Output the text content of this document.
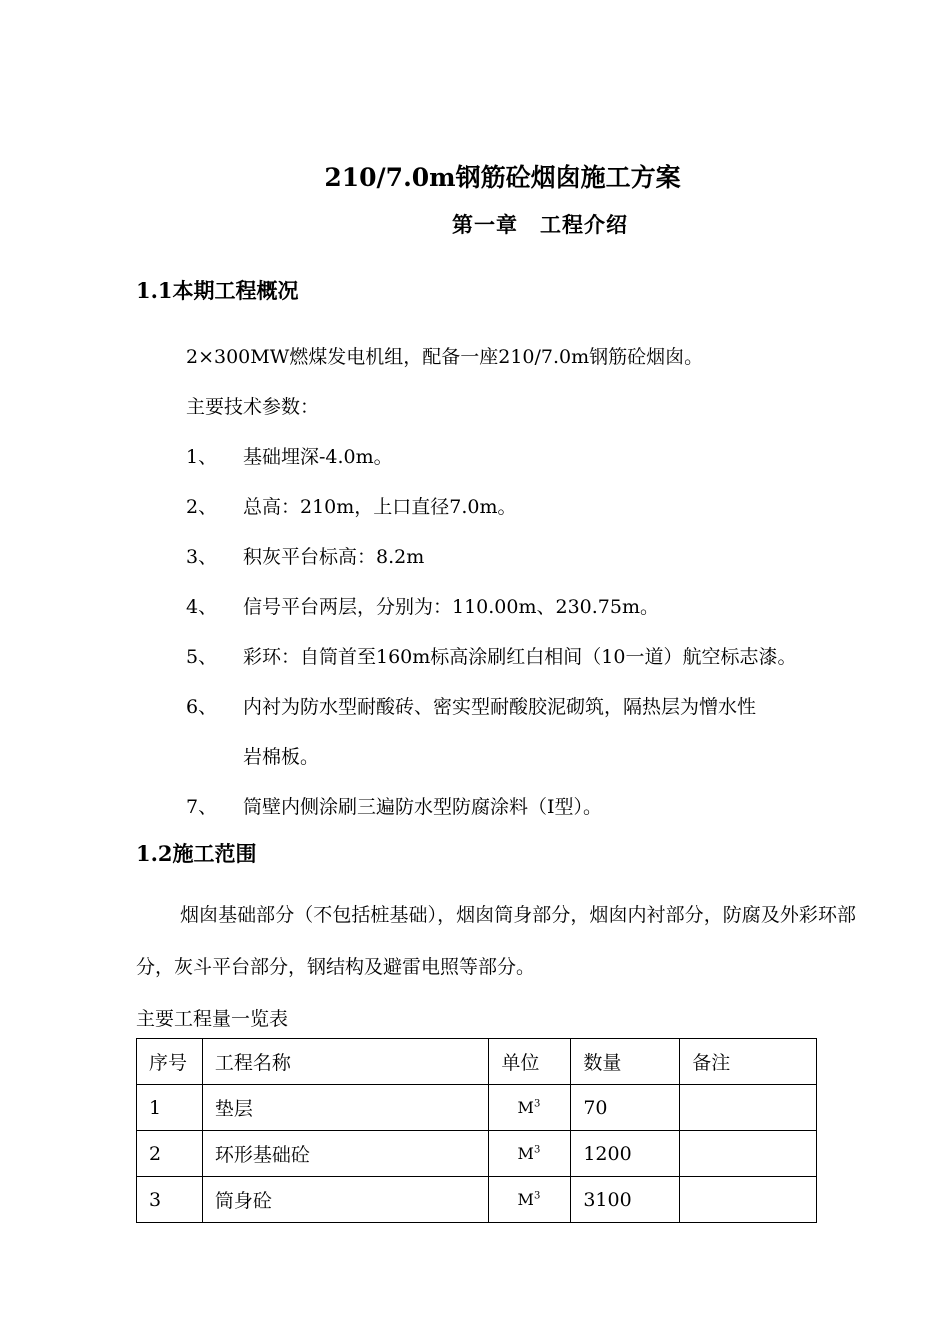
210/7.0m钢筋砼烟囱施工方案
第一章　工程介绍
1.1本期工程概况
2×300MW燃煤发电机组，配备一座210/7.0m钢筋砼烟囱。
主要技术参数：
1、 基础埋深-4.0m。
2、 总高：210m，上口直径7.0m。
3、 积灰平台标高：8.2m
4、 信号平台两层，分别为：110.00m、230.75m。
5、 彩环：自筒首至160m标高涂刷红白相间（10一道）航空标志漆。
6、 内衬为防水型耐酸砖、密实型耐酸胶泥砌筑，隔热层为憎水性
岩棉板。
7、 筒壁内侧涂刷三遍防水型防腐涂料（Ⅰ型）。
1.2施工范围
烟囱基础部分（不包括桩基础），烟囱筒身部分，烟囱内衬部分，防腐及外彩环部分，灰斗平台部分，钢结构及避雷电照等部分。
主要工程量一览表
序号	工程名称	单位	数量	备注
1	垫层	$M^3$	70	
2	环形基础砼	$M^3$	1200	
3	筒身砼	$M^3$	3100	
